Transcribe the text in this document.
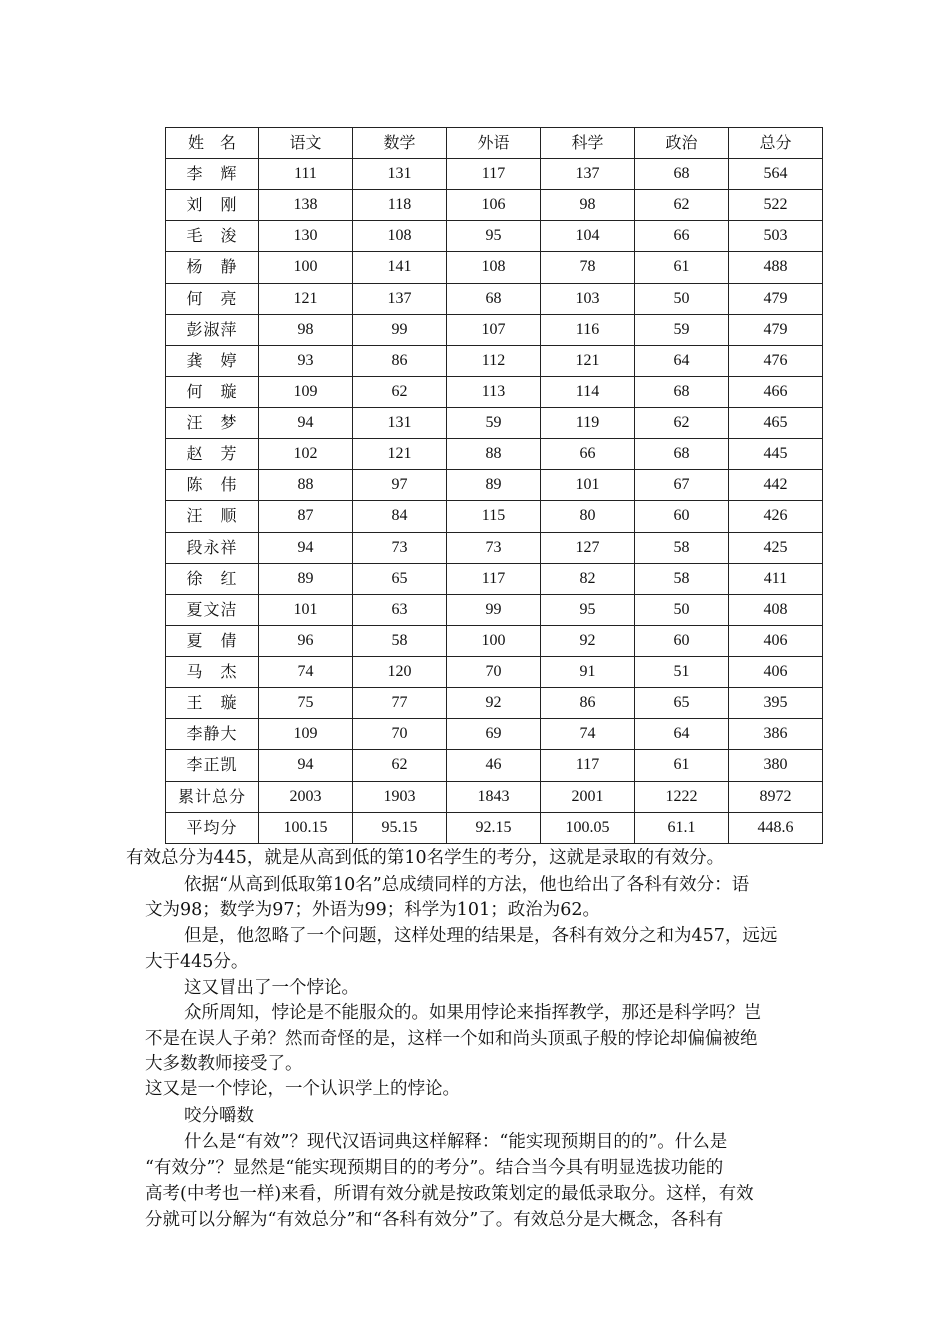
姓　名	语文	数学	外语	科学	政治	总分
李　辉	111	131	117	137	68	564
刘　刚	138	118	106	98	62	522
毛　浚	130	108	95	104	66	503
杨　静	100	141	108	78	61	488
何　亮	121	137	68	103	50	479
彭淑萍	98	99	107	116	59	479
龚　婷	93	86	112	121	64	476
何　璇	109	62	113	114	68	466
汪　梦	94	131	59	119	62	465
赵　芳	102	121	88	66	68	445
陈　伟	88	97	89	101	67	442
汪　顺	87	84	115	80	60	426
段永祥	94	73	73	127	58	425
徐　红	89	65	117	82	58	411
夏文洁	101	63	99	95	50	408
夏　倩	96	58	100	92	60	406
马　杰	74	120	70	91	51	406
王　璇	75	77	92	86	65	395
李静大	109	70	69	74	64	386
李正凯	94	62	46	117	61	380
累计总分	2003	1903	1843	2001	1222	8972
平均分	100.15	95.15	92.15	100.05	61.1	448.6
有效总分为445，就是从高到低的第10名学生的考分，这就是录取的有效分。
依据“从高到低取第10名”总成绩同样的方法，他也给出了各科有效分：语
文为98；数学为97；外语为99；科学为101；政治为62。
但是，他忽略了一个问题，这样处理的结果是，各科有效分之和为457，远远
大于445分。
这又冒出了一个悖论。
众所周知，悖论是不能服众的。如果用悖论来指挥教学，那还是科学吗？岂
不是在误人子弟？然而奇怪的是，这样一个如和尚头顶虱子般的悖论却偏偏被绝
大多数教师接受了。
这又是一个悖论，一个认识学上的悖论。
咬分嚼数
什么是“有效”？现代汉语词典这样解释：“能实现预期目的的”。什么是
“有效分”？显然是“能实现预期目的的考分”。结合当今具有明显选拔功能的
高考(中考也一样)来看，所谓有效分就是按政策划定的最低录取分。这样，有效
分就可以分解为“有效总分”和“各科有效分”了。有效总分是大概念，各科有
